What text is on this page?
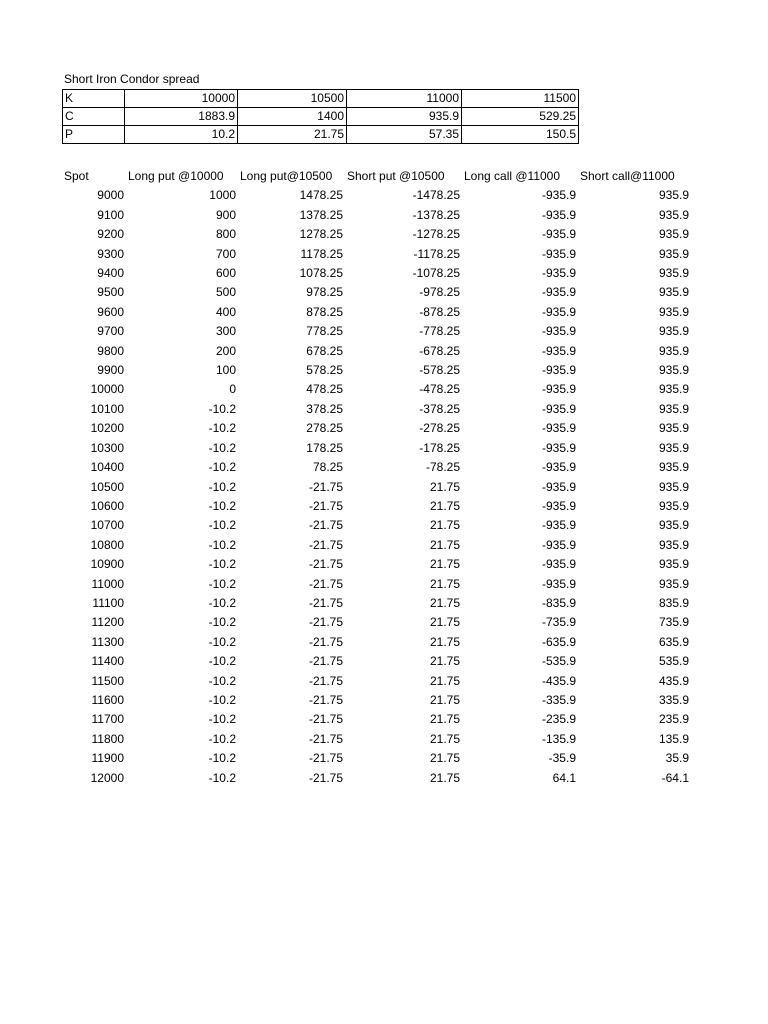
Short Iron Condor spread
K	10000	10500	11000	11500
C	1883.9	1400	935.9	529.25
P	10.2	21.75	57.35	150.5
Spot	Long put @10000	Long put@10500	Short put @10500	Long call @11000	Short call@11000
9000	1000	1478.25	-1478.25	-935.9	935.9
9100	900	1378.25	-1378.25	-935.9	935.9
9200	800	1278.25	-1278.25	-935.9	935.9
9300	700	1178.25	-1178.25	-935.9	935.9
9400	600	1078.25	-1078.25	-935.9	935.9
9500	500	978.25	-978.25	-935.9	935.9
9600	400	878.25	-878.25	-935.9	935.9
9700	300	778.25	-778.25	-935.9	935.9
9800	200	678.25	-678.25	-935.9	935.9
9900	100	578.25	-578.25	-935.9	935.9
10000	0	478.25	-478.25	-935.9	935.9
10100	-10.2	378.25	-378.25	-935.9	935.9
10200	-10.2	278.25	-278.25	-935.9	935.9
10300	-10.2	178.25	-178.25	-935.9	935.9
10400	-10.2	78.25	-78.25	-935.9	935.9
10500	-10.2	-21.75	21.75	-935.9	935.9
10600	-10.2	-21.75	21.75	-935.9	935.9
10700	-10.2	-21.75	21.75	-935.9	935.9
10800	-10.2	-21.75	21.75	-935.9	935.9
10900	-10.2	-21.75	21.75	-935.9	935.9
11000	-10.2	-21.75	21.75	-935.9	935.9
11100	-10.2	-21.75	21.75	-835.9	835.9
11200	-10.2	-21.75	21.75	-735.9	735.9
11300	-10.2	-21.75	21.75	-635.9	635.9
11400	-10.2	-21.75	21.75	-535.9	535.9
11500	-10.2	-21.75	21.75	-435.9	435.9
11600	-10.2	-21.75	21.75	-335.9	335.9
11700	-10.2	-21.75	21.75	-235.9	235.9
11800	-10.2	-21.75	21.75	-135.9	135.9
11900	-10.2	-21.75	21.75	-35.9	35.9
12000	-10.2	-21.75	21.75	64.1	-64.1
